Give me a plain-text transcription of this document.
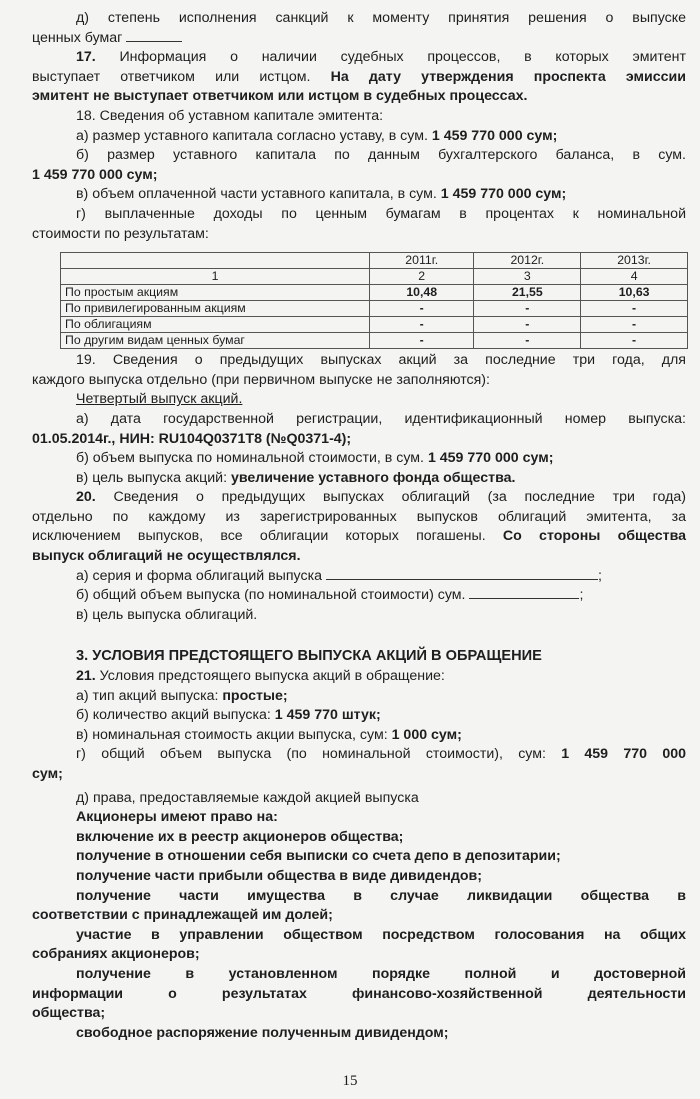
д) степень исполнения санкций к моменту принятия решения о выпуске

ценных бумаг

17. Информация о наличии судебных процессов, в которых эмитент

выступает ответчиком или истцом. На дату утверждения проспекта эмиссии

эмитент не выступает ответчиком или истцом в судебных процессах.

18. Сведения об уставном капитале эмитента:

а) размер уставного капитала согласно уставу, в сум. 1 459 770 000 сум;

б) размер уставного капитала по данным бухгалтерского баланса, в сум.

1 459 770 000 сум;

в) объем оплаченной части уставного капитала, в сум. 1 459 770 000 сум;

г) выплаченные доходы по ценным бумагам в процентах к номинальной

стоимости по результатам:

	2011г.	2012г.	2013г.
1	2	3	4
По простым акциям	10,48	21,55	10,63
По привилегированным акциям	-	-	-
По облигациям	-	-	-
По другим видам ценных бумаг	-	-	-

19. Сведения о предыдущих выпусках акций за последние три года, для

каждого выпуска отдельно (при первичном выпуске не заполняются):

Четвертый выпуск акций.

а) дата государственной регистрации, идентификационный номер выпуска:

01.05.2014г., НИН: RU104Q0371T8 (№Q0371-4);

б) объем выпуска по номинальной стоимости, в сум. 1 459 770 000 сум;

в) цель выпуска акций: увеличение уставного фонда общества.

20. Сведения о предыдущих выпусках облигаций (за последние три года)

отдельно по каждому из зарегистрированных выпусков облигаций эмитента, за

исключением выпусков, все облигации которых погашены. Со стороны общества

выпуск облигаций не осуществлялся.

а) серия и форма облигаций выпуска	;

б) общий объем выпуска (по номинальной стоимости) сум.	;

в) цель выпуска облигаций.

3. УСЛОВИЯ ПРЕДСТОЯЩЕГО ВЫПУСКА АКЦИЙ В ОБРАЩЕНИЕ

21. Условия предстоящего выпуска акций в обращение:

а) тип акций выпуска: простые;

б) количество акций выпуска: 1 459 770 штук;

в) номинальная стоимость акции выпуска, сум: 1 000 сум;

г) общий объем выпуска (по номинальной стоимости), сум: 1 459 770 000

сум;

д) права, предоставляемые каждой акцией выпуска

Акционеры имеют право на:

включение их в реестр акционеров общества;

получение в отношении себя выписки со счета депо в депозитарии;

получение части прибыли общества в виде дивидендов;

получение части имущества в случае ликвидации общества в

соответствии с принадлежащей им долей;

участие в управлении обществом посредством голосования на общих

собраниях акционеров;

получение в установленном порядке полной и достоверной

информации о результатах финансово-хозяйственной деятельности

общества;

свободное распоряжение полученным дивидендом;

15
